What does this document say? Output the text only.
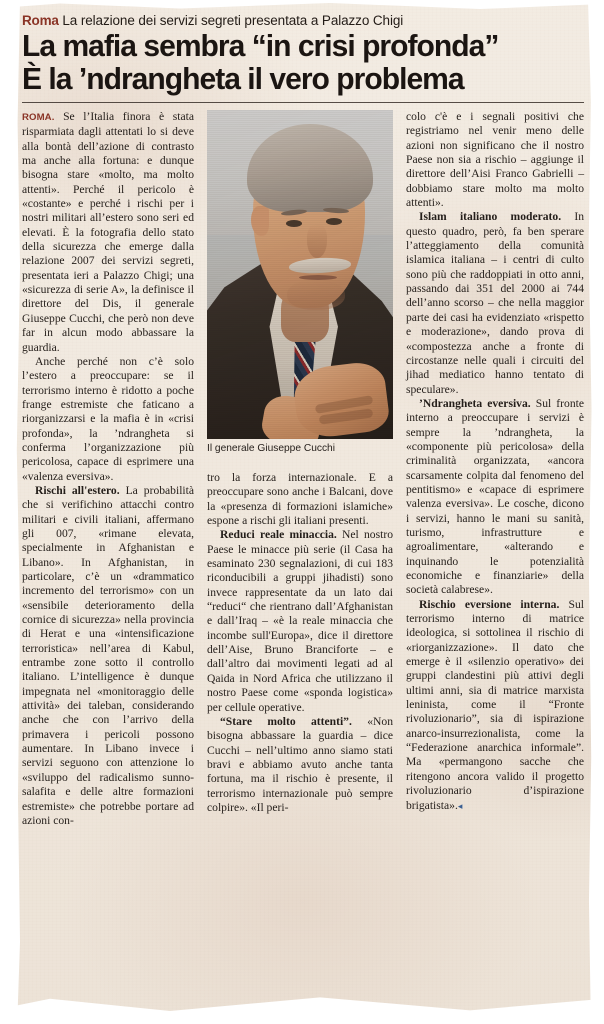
Roma La relazione dei servizi segreti presentata a Palazzo Chigi
La mafia sembra “in crisi profonda”
È la ’ndrangheta il vero problema

ROMA. Se l’Italia finora è stata risparmiata dagli attentati lo si deve alla bontà dell’azione di contrasto ma anche alla fortuna: e dunque bisogna stare «molto, ma molto attenti». Perché il pericolo è «costante» e perché i rischi per i nostri militari all’estero sono seri ed elevati. È la fotografia dello stato della sicurezza che emerge dalla relazione 2007 dei servizi segreti, presentata ieri a Palazzo Chigi; una «sicurezza di serie A», la definisce il direttore del Dis, il generale Giuseppe Cucchi, che però non deve far in alcun modo abbassare la guardia.

Anche perché non c’è solo l’estero a preoccupare: se il terrorismo interno è ridotto a poche frange estremiste che faticano a riorganizzarsi e la mafia è in «crisi profonda», la ’ndrangheta si conferma l’organizzazione più pericolosa, capace di esprimere una «valenza eversiva».

Rischi all'estero. La probabilità che si verifichino attacchi contro militari e civili italiani, affermano gli 007, «rimane elevata, specialmente in Afghanistan e Libano». In Afghanistan, in particolare, c’è un «drammatico incremento del terrorismo» con un «sensibile deterioramento della cornice di sicurezza» nella provincia di Herat e una «intensificazione terroristica» nell’area di Kabul, entrambe zone sotto il controllo italiano. L’intelligence è dunque impegnata nel «monitoraggio delle attività» dei taleban, considerando anche che con l’arrivo della primavera i pericoli possono aumentare. In Libano invece i servizi seguono con attenzione lo «sviluppo del radicalismo sunno-salafita e delle altre formazioni estremiste» che potrebbe portare ad azioni con-

Il generale Giuseppe Cucchi

tro la forza internazionale. E a preoccupare sono anche i Balcani, dove la «presenza di formazioni islamiche» espone a rischi gli italiani presenti.

Reduci reale minaccia. Nel nostro Paese le minacce più serie (il Casa ha esaminato 230 segnalazioni, di cui 183 riconducibili a gruppi jihadisti) sono invece rappresentate da un lato dai “reduci“ che rientrano dall’Afghanistan e dall’Iraq – «è la reale minaccia che incombe sull'Europa», dice il direttore dell’Aise, Bruno Branciforte – e dall’altro dai movimenti legati ad al Qaida in Nord Africa che utilizzano il nostro Paese come «sponda logistica» per cellule operative.

“Stare molto attenti”. «Non bisogna abbassare la guardia – dice Cucchi – nell’ultimo anno siamo stati bravi e abbiamo avuto anche tanta fortuna, ma il rischio è presente, il terrorismo internazionale può sempre colpire». «Il peri-

colo c'è e i segnali positivi che registriamo nel venir meno delle azioni non significano che il nostro Paese non sia a rischio – aggiunge il direttore dell’Aisi Franco Gabrielli – dobbiamo stare molto ma molto attenti».

Islam italiano moderato. In questo quadro, però, fa ben sperare l’atteggiamento della comunità islamica italiana – i centri di culto sono più che raddoppiati in otto anni, passando dai 351 del 2000 ai 744 dell’anno scorso – che nella maggior parte dei casi ha evidenziato «rispetto e moderazione», dando prova di «compostezza anche a fronte di circostanze nelle quali i circuiti del jihad mediatico hanno tentato di speculare».

’Ndrangheta eversiva. Sul fronte interno a preoccupare i servizi è sempre la ’ndrangheta, la «componente più pericolosa» della criminalità organizzata, «ancora scarsamente colpita dal fenomeno del pentitismo» e «capace di esprimere valenza eversiva». Le cosche, dicono i servizi, hanno le mani su sanità, turismo, infrastrutture e agroalimentare, «alterando e inquinando le potenzialità economiche e finanziarie» della società calabrese».

Rischio eversione interna. Sul terrorismo interno di matrice ideologica, si sottolinea il rischio di «riorganizzazione». Il dato che emerge è il «silenzio operativo» dei gruppi clandestini più attivi degli ultimi anni, sia di matrice marxista leninista, come il “Fronte rivoluzionario”, sia di ispirazione anarco-insurrezionalista, come la “Federazione anarchica informale”. Ma «permangono sacche che ritengono ancora valido il progetto rivoluzionario d’ispirazione brigatista».◂
